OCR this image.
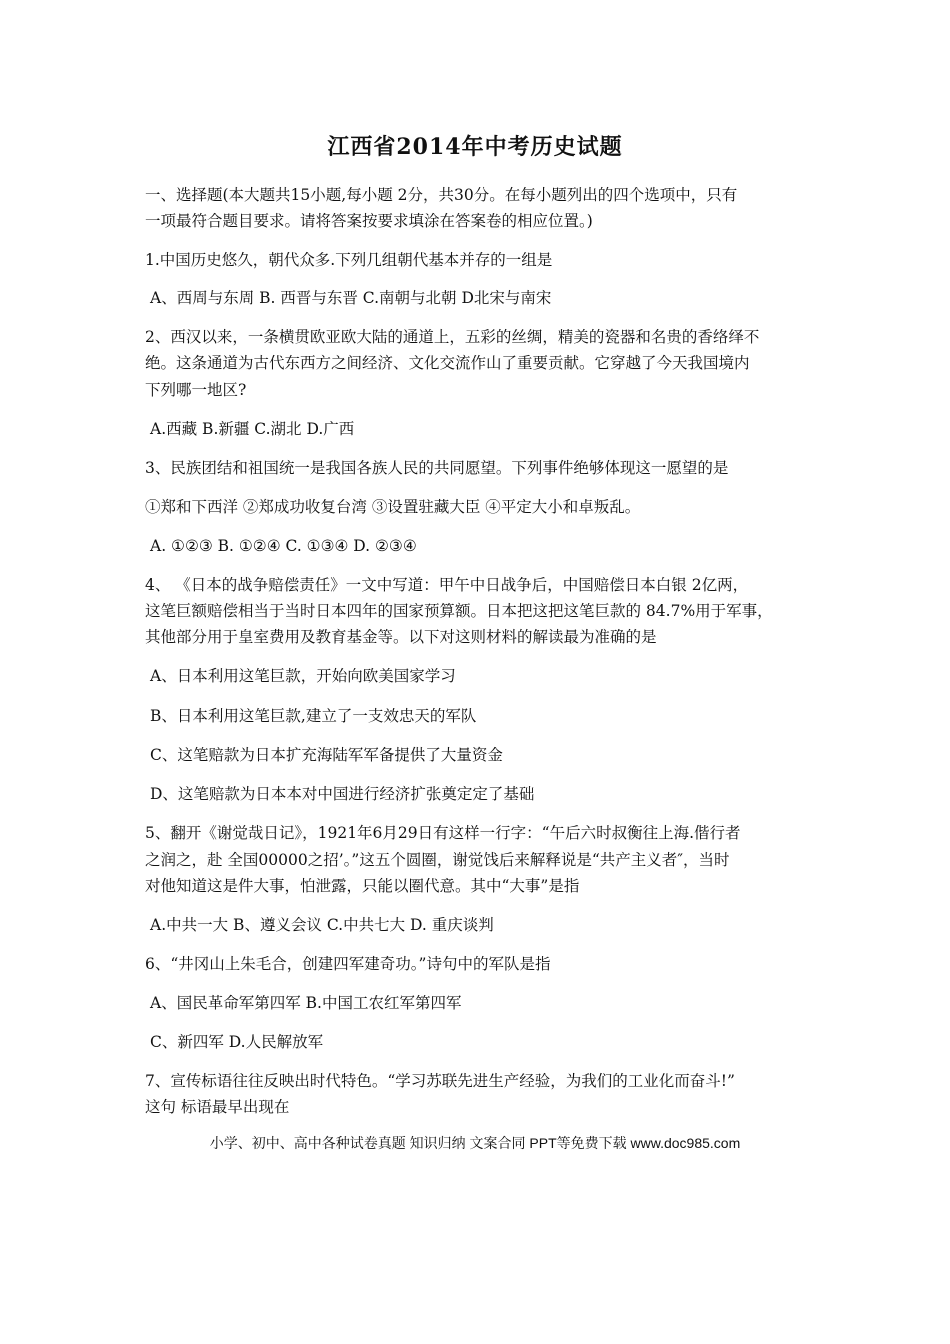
江西省2014年中考历史试题
一、选择题(本大题共15小题,每小题 2分，共30分。在每小题列出的四个选项中，只有
一项最符合题目要求。请将答案按要求填涂在答案卷的相应位置。)
1.中国历史悠久，朝代众多.下列几组朝代基本并存的一组是
A、西周与东周 B. 西晋与东晋 C.南朝与北朝 D北宋与南宋
2、西汉以来，一条横贯欧亚欧大陆的通道上，五彩的丝绸，精美的瓷器和名贵的香络绎不
绝。这条通道为古代东西方之间经济、文化交流作山了重要贡献。它穿越了今天我国境内
下列哪一地区?
A.西藏 B.新疆 C.湖北 D.广西
3、民族团结和祖国统一是我国各族人民的共同愿望。下列事件绝够体现这一愿望的是
①郑和下西洋 ②郑成功收复台湾 ③设置驻藏大臣 ④平定大小和卓叛乱。
A. ①②③ B. ①②④ C. ①③④ D. ②③④
4、 《日本的战争赔偿责任》一文中写道：甲午中日战争后，中国赔偿日本白银 2亿两，
这笔巨额赔偿相当于当时日本四年的国家预算额。日本把这把这笔巨款的 84.7%用于军事，
其他部分用于皇室费用及教育基金等。以下对这则材料的解读最为准确的是
A、日本利用这笔巨款，开始向欧美国家学习
B、日本利用这笔巨款,建立了一支效忠天的军队
C、这笔赔款为日本扩充海陆军军备提供了大量资金
D、这笔赔款为日本本对中国进行经济扩张奠定定了基础
5、翻开《谢觉哉日记》，1921年6月29日有这样一行字：“午后六时叔衡往上海.偕行者
之润之，赴 全国00000之招’。”这五个圆圈，谢觉饯后来解释说是“共产主义者″，当时
对他知道这是件大事，怕泄露，只能以圈代意。其中“大事”是指
A.中共一大 B、遵义会议 C.中共七大 D. 重庆谈判
6、“井冈山上朱毛合，创建四军建奇功。”诗句中的军队是指
A、国民革命军第四军 B.中国工农红军第四军
C、新四军 D.人民解放军
7、宣传标语往往反映出时代特色。“学习苏联先进生产经验，为我们的工业化而奋斗!”
这句 标语最早出现在
小学、初中、高中各种试卷真题 知识归纳 文案合同 PPT等免费下载 www.doc985.com
